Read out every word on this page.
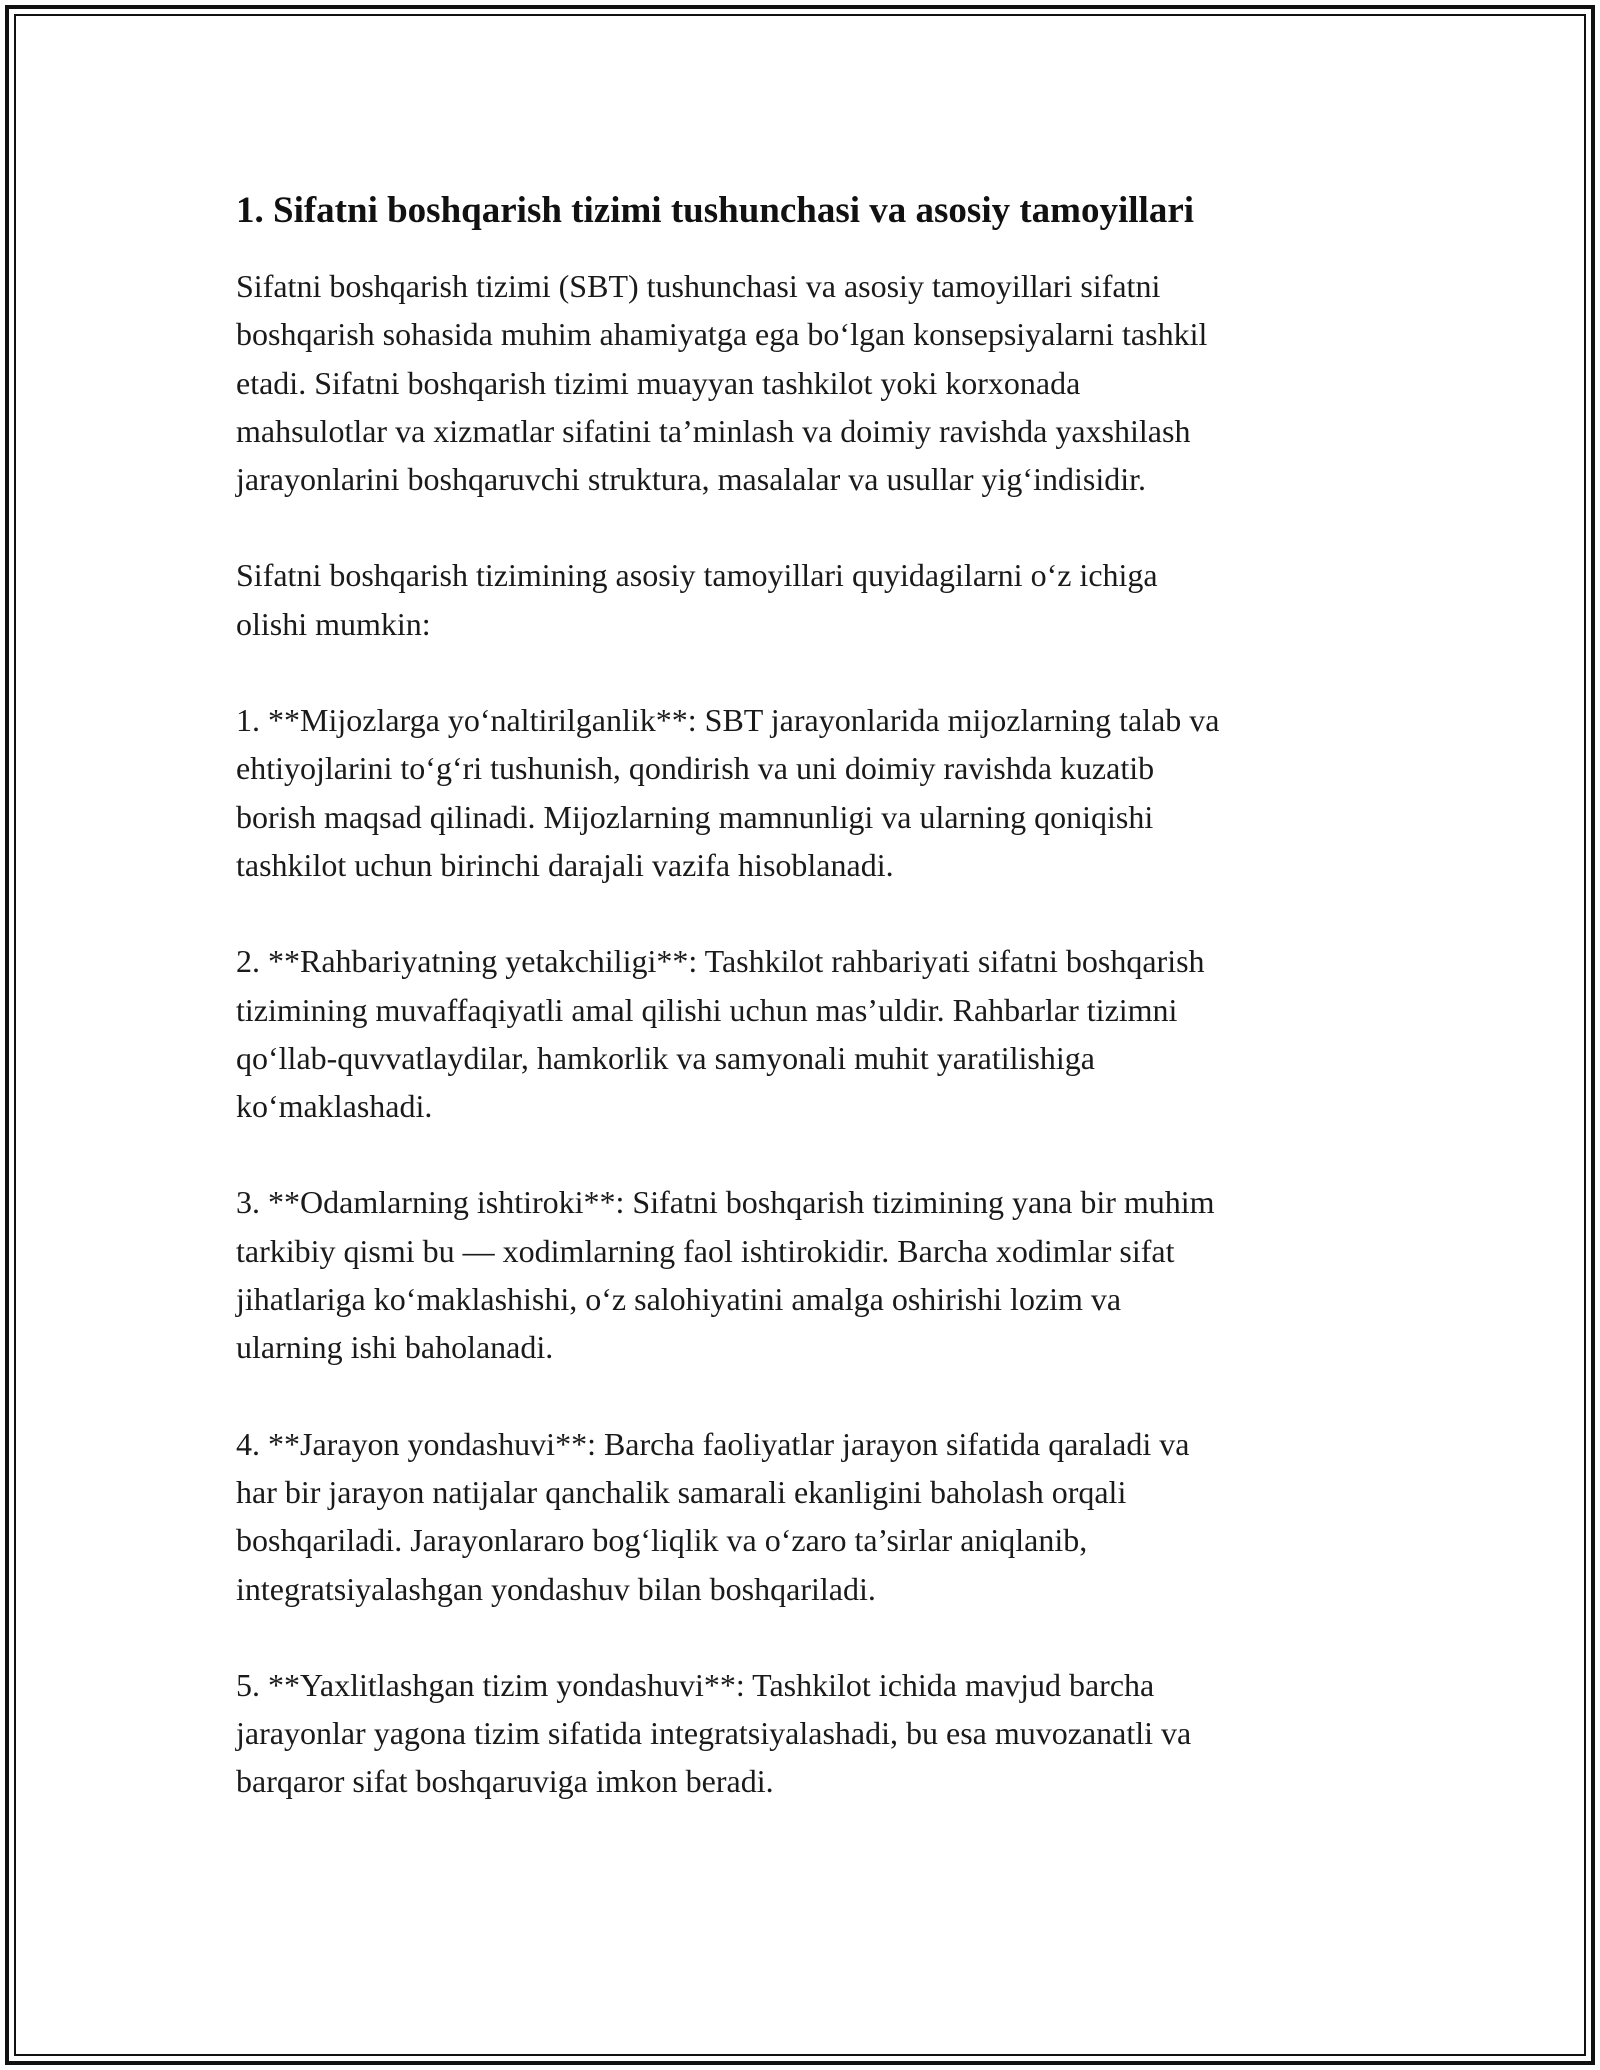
1. Sifatni boshqarish tizimi tushunchasi va asosiy tamoyillari

Sifatni boshqarish tizimi (SBT) tushunchasi va asosiy tamoyillari sifatni
boshqarish sohasida muhim ahamiyatga ega bo‘lgan konsepsiyalarni tashkil
etadi. Sifatni boshqarish tizimi muayyan tashkilot yoki korxonada
mahsulotlar va xizmatlar sifatini ta’minlash va doimiy ravishda yaxshilash
jarayonlarini boshqaruvchi struktura, masalalar va usullar yig‘indisidir.

Sifatni boshqarish tizimining asosiy tamoyillari quyidagilarni o‘z ichiga
olishi mumkin:

1. **Mijozlarga yo‘naltirilganlik**: SBT jarayonlarida mijozlarning talab va
ehtiyojlarini to‘g‘ri tushunish, qondirish va uni doimiy ravishda kuzatib
borish maqsad qilinadi. Mijozlarning mamnunligi va ularning qoniqishi
tashkilot uchun birinchi darajali vazifa hisoblanadi.

2. **Rahbariyatning yetakchiligi**: Tashkilot rahbariyati sifatni boshqarish
tizimining muvaffaqiyatli amal qilishi uchun mas’uldir. Rahbarlar tizimni
qo‘llab-quvvatlaydilar, hamkorlik va samyonali muhit yaratilishiga
ko‘maklashadi.

3. **Odamlarning ishtiroki**: Sifatni boshqarish tizimining yana bir muhim
tarkibiy qismi bu — xodimlarning faol ishtirokidir. Barcha xodimlar sifat
jihatlariga ko‘maklashishi, o‘z salohiyatini amalga oshirishi lozim va
ularning ishi baholanadi.

4. **Jarayon yondashuvi**: Barcha faoliyatlar jarayon sifatida qaraladi va
har bir jarayon natijalar qanchalik samarali ekanligini baholash orqali
boshqariladi. Jarayonlararo bog‘liqlik va o‘zaro ta’sirlar aniqlanib,
integratsiyalashgan yondashuv bilan boshqariladi.

5. **Yaxlitlashgan tizim yondashuvi**: Tashkilot ichida mavjud barcha
jarayonlar yagona tizim sifatida integratsiyalashadi, bu esa muvozanatli va
barqaror sifat boshqaruviga imkon beradi.
